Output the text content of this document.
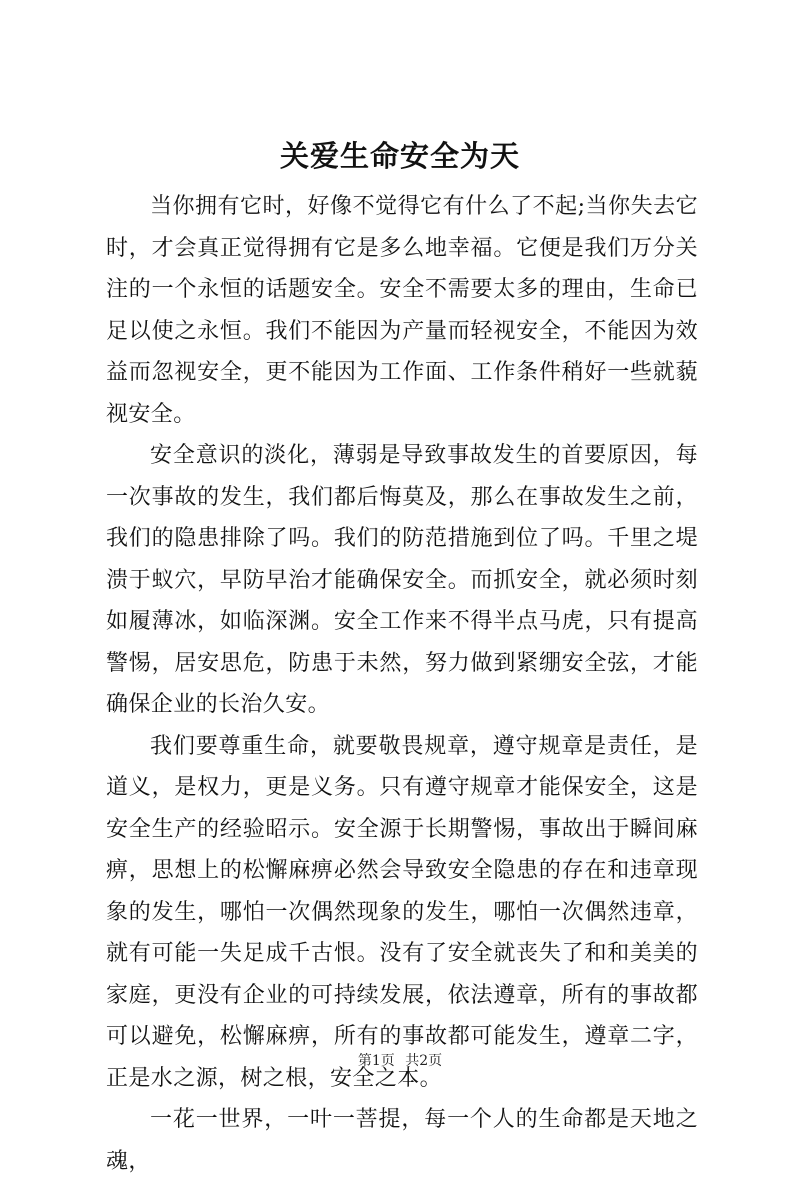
关爱生命安全为天

当你拥有它时，好像不觉得它有什么了不起;当你失去它时，才会真正觉得拥有它是多么地幸福。它便是我们万分关注的一个永恒的话题安全。安全不需要太多的理由，生命已足以使之永恒。我们不能因为产量而轻视安全，不能因为效益而忽视安全，更不能因为工作面、工作条件稍好一些就藐视安全。

安全意识的淡化，薄弱是导致事故发生的首要原因，每一次事故的发生，我们都后悔莫及，那么在事故发生之前，我们的隐患排除了吗。我们的防范措施到位了吗。千里之堤溃于蚁穴，早防早治才能确保安全。而抓安全，就必须时刻如履薄冰，如临深渊。安全工作来不得半点马虎，只有提高警惕，居安思危，防患于未然，努力做到紧绷安全弦，才能确保企业的长治久安。

我们要尊重生命，就要敬畏规章，遵守规章是责任，是道义，是权力，更是义务。只有遵守规章才能保安全，这是安全生产的经验昭示。安全源于长期警惕，事故出于瞬间麻痹，思想上的松懈麻痹必然会导致安全隐患的存在和违章现象的发生，哪怕一次偶然现象的发生，哪怕一次偶然违章，就有可能一失足成千古恨。没有了安全就丧失了和和美美的家庭，更没有企业的可持续发展，依法遵章，所有的事故都可以避免，松懈麻痹，所有的事故都可能发生，遵章二字，正是水之源，树之根，安全之本。

一花一世界，一叶一菩提，每一个人的生命都是天地之魂，

第1页 共2页
